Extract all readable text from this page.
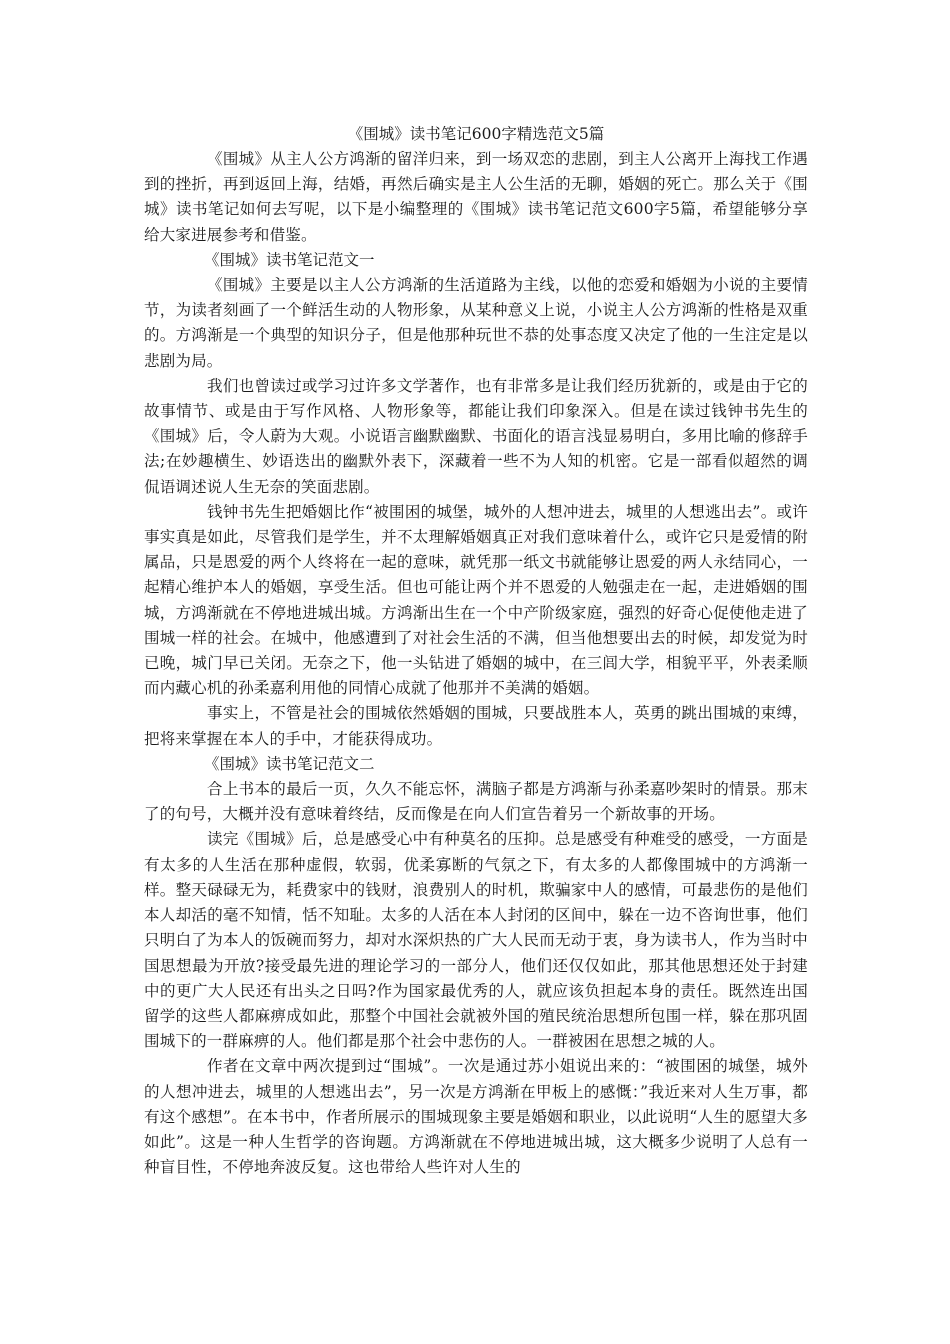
《围城》读书笔记600字精选范文5篇

《围城》从主人公方鸿渐的留洋归来，到一场双恋的悲剧，到主人公离开上海找工作遇到的挫折，再到返回上海，结婚，再然后确实是主人公生活的无聊，婚姻的死亡。那么关于《围城》读书笔记如何去写呢，以下是小编整理的《围城》读书笔记范文600字5篇，希望能够分享给大家进展参考和借鉴。

《围城》读书笔记范文一

《围城》主要是以主人公方鸿渐的生活道路为主线，以他的恋爱和婚姻为小说的主要情节，为读者刻画了一个鲜活生动的人物形象，从某种意义上说，小说主人公方鸿渐的性格是双重的。方鸿渐是一个典型的知识分子，但是他那种玩世不恭的处事态度又决定了他的一生注定是以悲剧为局。

我们也曾读过或学习过许多文学著作，也有非常多是让我们经历犹新的，或是由于它的故事情节、或是由于写作风格、人物形象等，都能让我们印象深入。但是在读过钱钟书先生的《围城》后，令人蔚为大观。小说语言幽默幽默、书面化的语言浅显易明白，多用比喻的修辞手法;在妙趣横生、妙语迭出的幽默外表下，深藏着一些不为人知的机密。它是一部看似超然的调侃语调述说人生无奈的笑面悲剧。

钱钟书先生把婚姻比作“被围困的城堡，城外的人想冲进去，城里的人想逃出去”。或许事实真是如此，尽管我们是学生，并不太理解婚姻真正对我们意味着什么，或许它只是爱情的附属品，只是恩爱的两个人终将在一起的意味，就凭那一纸文书就能够让恩爱的两人永结同心，一起精心维护本人的婚姻，享受生活。但也可能让两个并不恩爱的人勉强走在一起，走进婚姻的围城，方鸿渐就在不停地进城出城。方鸿渐出生在一个中产阶级家庭，强烈的好奇心促使他走进了围城一样的社会。在城中，他感遭到了对社会生活的不满，但当他想要出去的时候，却发觉为时已晚，城门早已关闭。无奈之下，他一头钻进了婚姻的城中，在三闾大学，相貌平平，外表柔顺而内藏心机的孙柔嘉利用他的同情心成就了他那并不美满的婚姻。

事实上，不管是社会的围城依然婚姻的围城，只要战胜本人，英勇的跳出围城的束缚，把将来掌握在本人的手中，才能获得成功。

《围城》读书笔记范文二

合上书本的最后一页，久久不能忘怀，满脑子都是方鸿渐与孙柔嘉吵架时的情景。那末了的句号，大概并没有意味着终结，反而像是在向人们宣告着另一个新故事的开场。

读完《围城》后，总是感受心中有种莫名的压抑。总是感受有种难受的感受，一方面是有太多的人生活在那种虚假，软弱，优柔寡断的气氛之下，有太多的人都像围城中的方鸿渐一样。整天碌碌无为，耗费家中的钱财，浪费别人的时机，欺骗家中人的感情，可最悲伤的是他们本人却活的毫不知情，恬不知耻。太多的人活在本人封闭的区间中，躲在一边不咨询世事，他们只明白了为本人的饭碗而努力，却对水深炽热的广大人民而无动于衷，身为读书人，作为当时中国思想最为开放?接受最先进的理论学习的一部分人，他们还仅仅如此，那其他思想还处于封建中的更广大人民还有出头之日吗?作为国家最优秀的人，就应该负担起本身的责任。既然连出国留学的这些人都麻痹成如此，那整个中国社会就被外国的殖民统治思想所包围一样，躲在那巩固围城下的一群麻痹的人。他们都是那个社会中悲伤的人。一群被困在思想之城的人。

作者在文章中两次提到过“围城”。一次是通过苏小姐说出来的：“被围困的城堡，城外的人想冲进去，城里的人想逃出去”，另一次是方鸿渐在甲板上的感慨：”我近来对人生万事，都有这个感想”。在本书中，作者所展示的围城现象主要是婚姻和职业，以此说明“人生的愿望大多如此”。这是一种人生哲学的咨询题。方鸿渐就在不停地进城出城，这大概多少说明了人总有一种盲目性，不停地奔波反复。这也带给人些许对人生的
